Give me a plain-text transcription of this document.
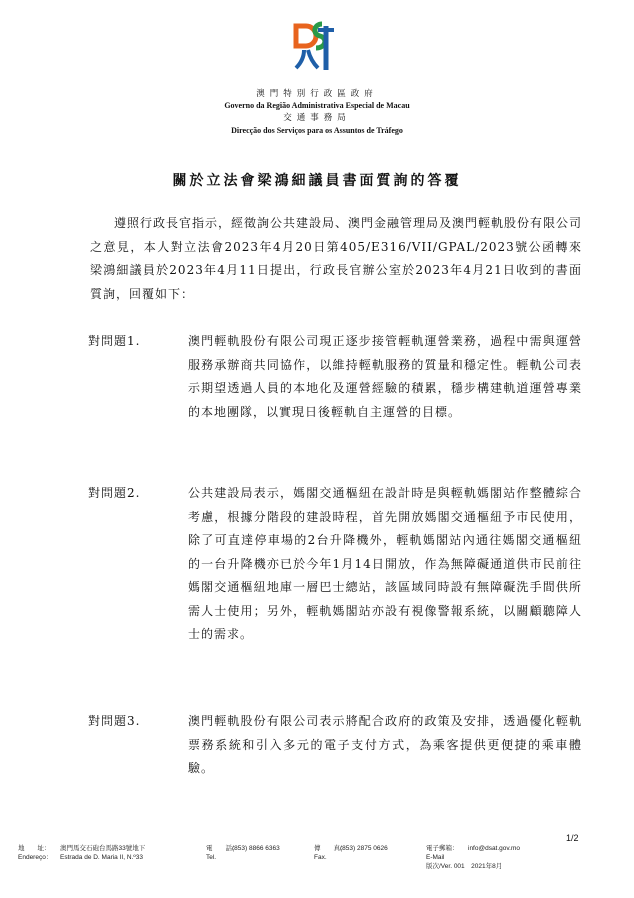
澳門特別行政區政府
Governo da Região Administrativa Especial de Macau
交通事務局
Direcção dos Serviços para os Assuntos de Tráfego
關於立法會梁鴻細議員書面質詢的答覆

遵照行政長官指示，經徵詢公共建設局、澳門金融管理局及澳門輕軌股份有限公司之意見，本人對立法會2023年4月20日第405/E316/VII/GPAL/2023號公函轉來梁鴻細議員於2023年4月11日提出，行政長官辦公室於2023年4月21日收到的書面質詢，回覆如下：

對問題1.	澳門輕軌股份有限公司現正逐步接管輕軌運營業務，過程中需與運營服務承辦商共同協作，以維持輕軌服務的質量和穩定性。輕軌公司表示期望透過人員的本地化及運營經驗的積累，穩步構建軌道運營專業的本地團隊，以實現日後輕軌自主運營的目標。
對問題2.	公共建設局表示，媽閣交通樞紐在設計時是與輕軌媽閣站作整體綜合考慮，根據分階段的建設時程，首先開放媽閣交通樞紐予市民使用，除了可直達停車場的2台升降機外，輕軌媽閣站內通往媽閣交通樞紐的一台升降機亦已於今年1月14日開放，作為無障礙通道供市民前往媽閣交通樞紐地庫一層巴士總站，該區域同時設有無障礙洗手間供所需人士使用；另外，輕軌媽閣站亦設有視像警報系統，以關顧聽障人士的需求。
對問題3.	澳門輕軌股份有限公司表示將配合政府的政策及安排，透過優化輕軌票務系統和引入多元的電子支付方式，為乘客提供更便捷的乘車體驗。
1/2
地　　址：
Endereço：
澳門馬交石砲台馬路33號地下
Estrada de D. Maria II, N.º33
電　　話：
Tel.
(853) 8866 6363	傳　　真：
Fax.
(853) 2875 0626	電子郵箱：
E-Mail
版次/Ver. 001　2021年8月
info@dsat.gov.mo
